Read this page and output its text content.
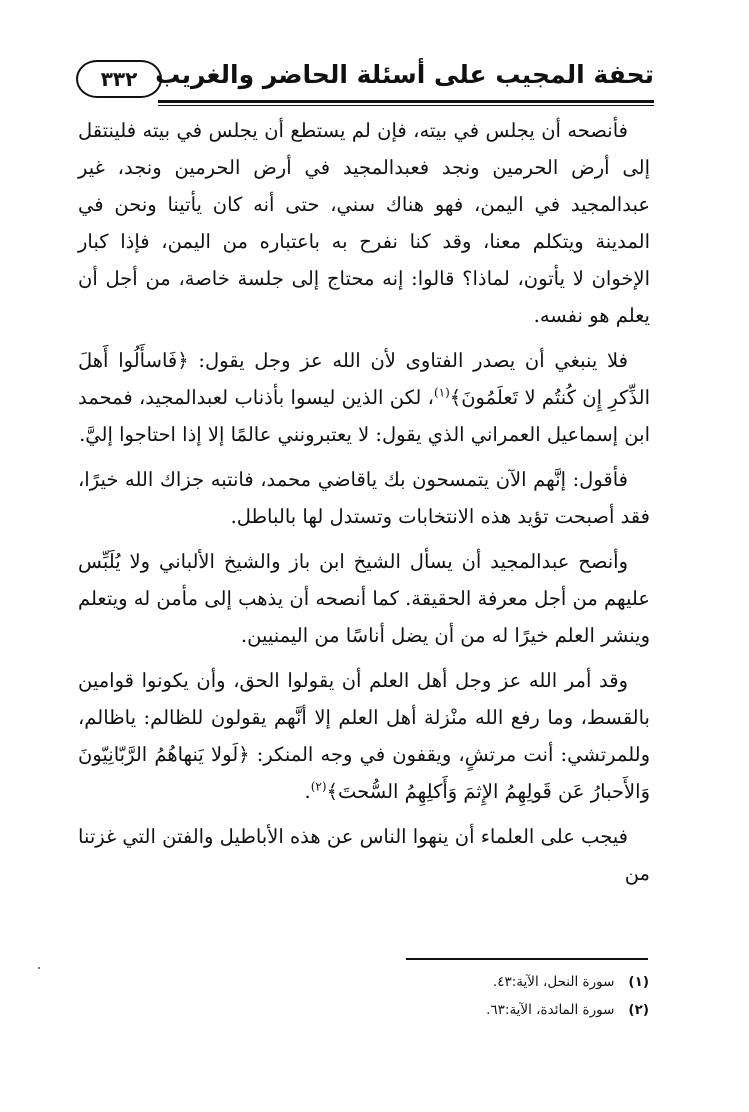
٣٣٢ تحفة المجيب على أسئلة الحاضر والغريب

فأنصحه أن يجلس في بيته، فإن لم يستطع أن يجلس في بيته فلينتقل إلى أرض الحرمين ونجد فعبدالمجيد في أرض الحرمين ونجد، غير عبدالمجيد في اليمن، فهو هناك سني، حتى أنه كان يأتينا ونحن في المدينة ويتكلم معنا، وقد كنا نفرح به باعتباره من اليمن، فإذا كبار الإخوان لا يأتون، لماذا؟ قالوا: إنه محتاج إلى جلسة خاصة، من أجل أن يعلم هو نفسه.

فلا ينبغي أن يصدر الفتاوى لأن الله عز وجل يقول: ﴿فَاسأَلُوا أَهلَ الذِّكرِ إِن كُنتُم لا تَعلَمُونَ﴾$^{(١)}$، لكن الذين ليسوا بأذناب لعبدالمجيد، فمحمد ابن إسماعيل العمراني الذي يقول: لا يعتبرونني عالمًا إلا إذا احتاجوا إليَّ.

فأقول: إنَّهم الآن يتمسحون بك ياقاضي محمد، فانتبه جزاك الله خيرًا، فقد أصبحت تؤيد هذه الانتخابات وتستدل لها بالباطل.

وأنصح عبدالمجيد أن يسأل الشيخ ابن باز والشيخ الألباني ولا يُلَبِّس عليهم من أجل معرفة الحقيقة. كما أنصحه أن يذهب إلى مأمن له ويتعلم وينشر العلم خيرًا له من أن يضل أناسًا من اليمنيين.

وقد أمر الله عز وجل أهل العلم أن يقولوا الحق، وأن يكونوا قوامين بالقسط، وما رفع الله منْزلة أهل العلم إلا أنَّهم يقولون للظالم: ياظالم، وللمرتشي: أنت مرتشٍ، ويقفون في وجه المنكر: ﴿لَولا يَنهاهُمُ الرَّبّانِيّونَ وَالأَحبارُ عَن قَولِهِمُ الإِثمَ وَأَكلِهِمُ السُّحتَ﴾$^{(٢)}$.

فيجب على العلماء أن ينهوا الناس عن هذه الأباطيل والفتن التي غزتنا من

(١)سورة النحل، الآية:٤٣.
(٢)سورة المائدة، الآية:٦٣.
